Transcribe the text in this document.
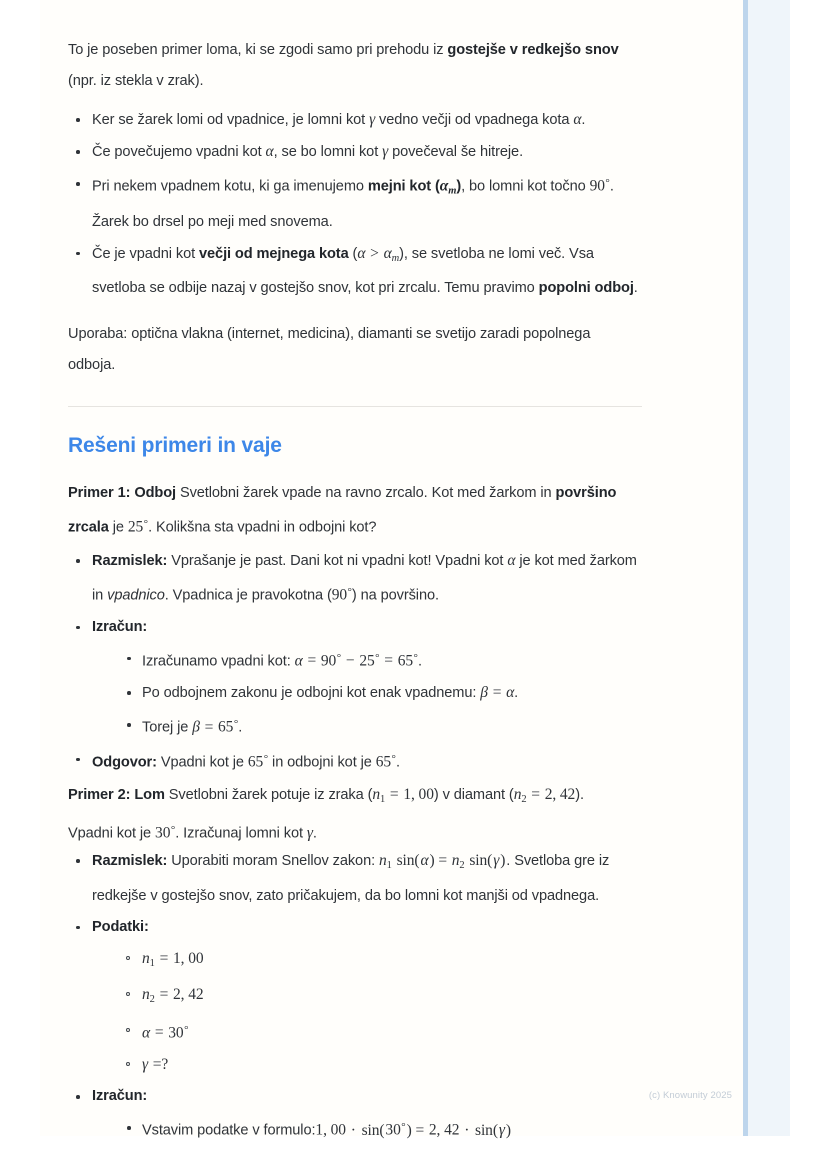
To je poseben primer loma, ki se zgodi samo pri prehodu iz gostejše v redkejšo snov
(npr. iz stekla v zrak).

Ker se žarek lomi od vpadnice, je lomni kot γ vedno večji od vpadnega kota α.
Če povečujemo vpadni kot α, se bo lomni kot γ povečeval še hitreje.
Pri nekem vpadnem kotu, ki ga imenujemo mejni kot $(\alpha_m)$, bo lomni kot točno 90°. Žarek bo drsel po meji med snovema.
Če je vpadni kot večji od mejnega kota $(\alpha > \alpha_m)$, se svetloba ne lomi več. Vsa svetloba se odbije nazaj v gostejšo snov, kot pri zrcalu. Temu pravimo popolni odboj.

Uporaba: optična vlakna (internet, medicina), diamanti se svetijo zaradi popolnega
odboja.

Rešeni primeri in vaje

Primer 1: Odboj Svetlobni žarek vpade na ravno zrcalo. Kot med žarkom in površino zrcala je 25°. Kolikšna sta vpadni in odbojni kot?

Razmislek: Vprašanje je past. Dani kot ni vpadni kot! Vpadni kot α je kot med žarkom in vpadnico. Vpadnica je pravokotna (90°) na površino.
Izračun:
Izračunamo vpadni kot: α = 90° − 25° = 65°.
Po odbojnem zakonu je odbojni kot enak vpadnemu: β = α.
Torej je β = 65°.
Odgovor: Vpadni kot je 65° in odbojni kot je 65°.

Primer 2: Lom Svetlobni žarek potuje iz zraka ($n_1 = 1$, 00) v diamant ($n_2 = 2$, 42).

Vpadni kot je 30°. Izračunaj lomni kot γ.

Razmislek: Uporabiti moram Snellov zakon: $n_1$ $\sin(\alpha) = n_2$ sin(γ). Svetloba gre iz redkejše v gostejšo snov, zato pričakujem, da bo lomni kot manjši od vpadnega.
Podatki:
$n_1 = 1$, 00
$n_2 = 2$, 42
α = 30°
γ =?
Izračun:
Vstavim podatke v formulo:1, 00 · sin(30°) = 2, 42 · sin(γ)
(c) Knowunity 2025
